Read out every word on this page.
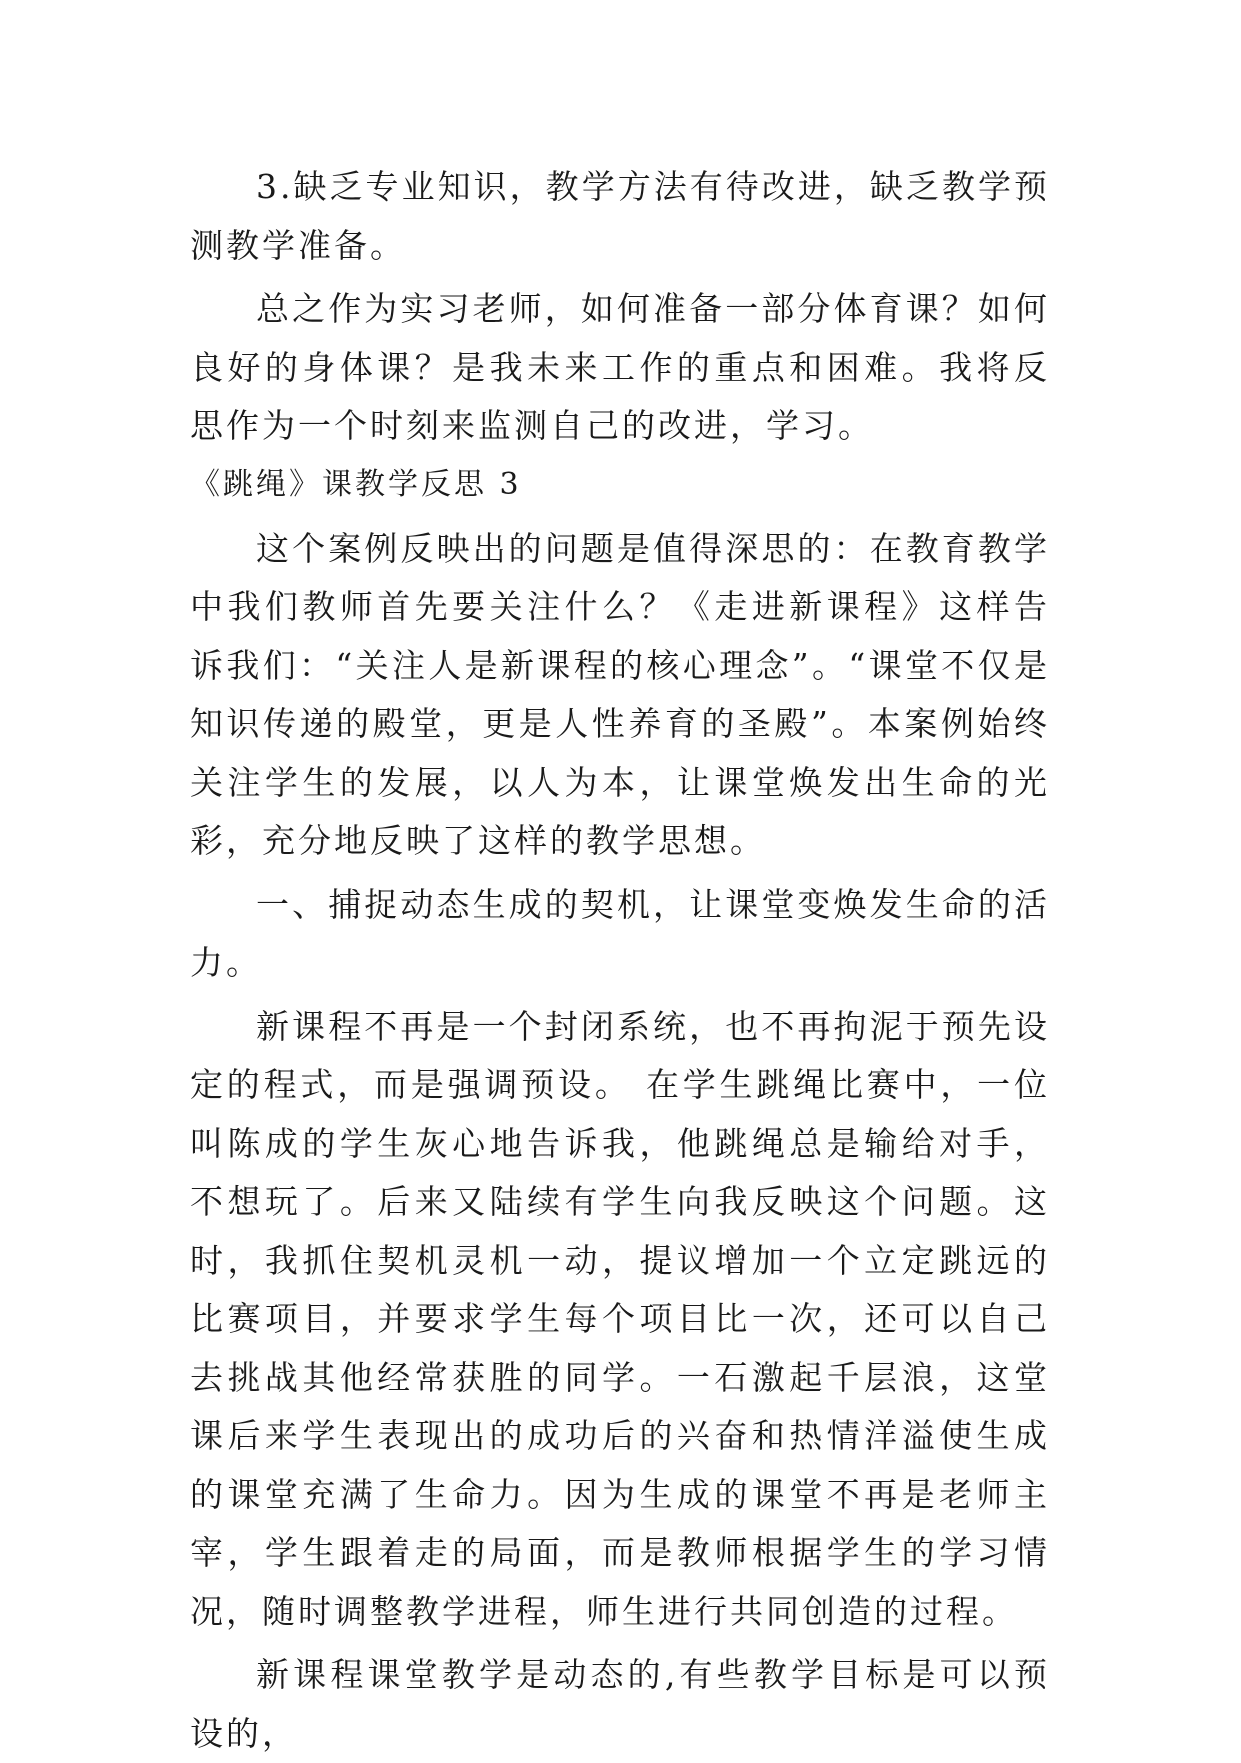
3.缺乏专业知识，教学方法有待改进，缺乏教学预测教学准备。

总之作为实习老师，如何准备一部分体育课？如何良好的身体课？是我未来工作的重点和困难。我将反思作为一个时刻来监测自己的改进，学习。

《跳绳》课教学反思 3

这个案例反映出的问题是值得深思的：在教育教学中我们教师首先要关注什么？《走进新课程》这样告诉我们：“关注人是新课程的核心理念”。“课堂不仅是知识传递的殿堂，更是人性养育的圣殿”。本案例始终关注学生的发展，以人为本，让课堂焕发出生命的光彩，充分地反映了这样的教学思想。

一、捕捉动态生成的契机，让课堂变焕发生命的活力。

新课程不再是一个封闭系统，也不再拘泥于预先设定的程式，而是强调预设。 在学生跳绳比赛中，一位叫陈成的学生灰心地告诉我，他跳绳总是输给对手，不想玩了。后来又陆续有学生向我反映这个问题。这时，我抓住契机灵机一动，提议增加一个立定跳远的比赛项目，并要求学生每个项目比一次，还可以自己去挑战其他经常获胜的同学。一石激起千层浪，这堂课后来学生表现出的成功后的兴奋和热情洋溢使生成的课堂充满了生命力。因为生成的课堂不再是老师主宰，学生跟着走的局面，而是教师根据学生的学习情况，随时调整教学进程，师生进行共同创造的过程。

新课程课堂教学是动态的,有些教学目标是可以预设的，
